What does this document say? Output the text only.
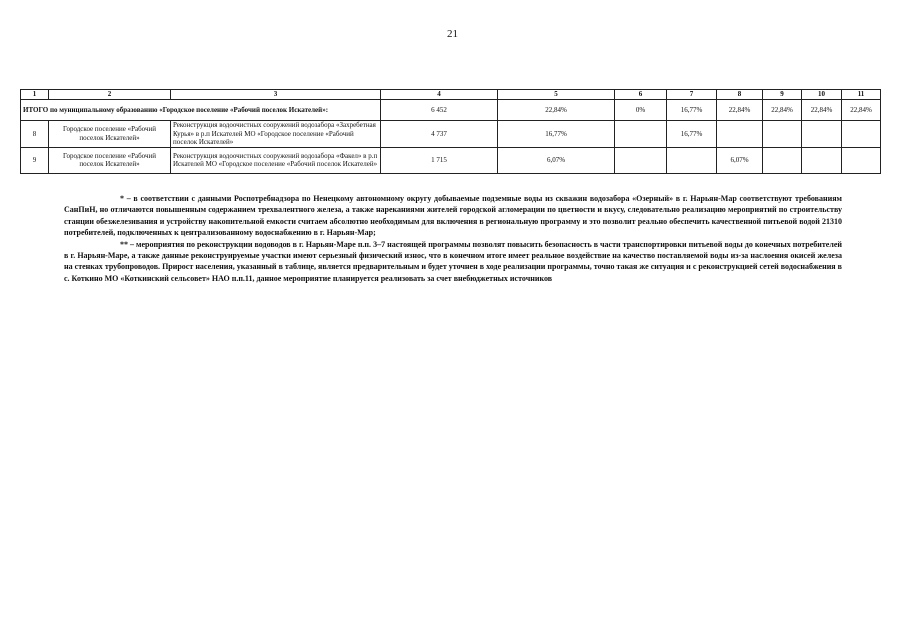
21
1	2	3	4	5	6	7	8	9	10	11
ИТОГО по муниципальному образованию «Городское поселение «Рабочий поселок Искателей»:			6 452	22,84%	0%	16,77%	22,84%	22,84%	22,84%	22,84%
8	Городское поселение «Рабочий поселок Искателей»	Реконструкция водоочистных сооружений водозабора «Захребетная Курья» в р.п Искателей МО «Городское поселение «Рабочий поселок Искателей»	4 737	16,77%		16,77%				
9	Городское поселение «Рабочий поселок Искателей»	Реконструкция водоочистных сооружений водозабора «Факел» в р.п Искателей МО «Городское поселение «Рабочий поселок Искателей»	1 715	6,07%			6,07%			

* – в соответствии с данными Роспотребнадзора по Ненецкому автономному округу добываемые подземные воды из скважин водозабора «Озерный» в г. Нарьян-Мар соответствуют требованиям СанПиН, но отличаются повышенным содержанием трехвалентного железа, а также нареканиями жителей городской агломерации по цветности и вкусу, следовательно реализацию мероприятий по строительству станции обезжелезивания и устройству накопительной емкости считаем абсолютно необходимым для включения в региональную программу и это позволит реально обеспечить качественной питьевой водой 21310 потребителей, подключенных к централизованному водоснабжению в г. Нарьян-Мар;

** – мероприятия по реконструкции водоводов в г. Нарьян-Маре п.п. 3–7 настоящей программы позволят повысить безопасность в части транспортировки питьевой воды до конечных потребителей в г. Нарьян-Маре, а также данные реконструируемые участки имеют серьезный физический износ, что в конечном итоге имеет реальное воздействие на качество поставляемой воды из-за наслоения окисей железа на стенках трубопроводов. Прирост населения, указанный в таблице, является предварительным и будет уточнен в ходе реализации программы, точно такая же ситуация и с реконструкцией сетей водоснабжения в с. Коткино МО «Коткинский сельсовет» НАО п.п.11, данное мероприятие планируется реализовать за счет внебюджетных источников
